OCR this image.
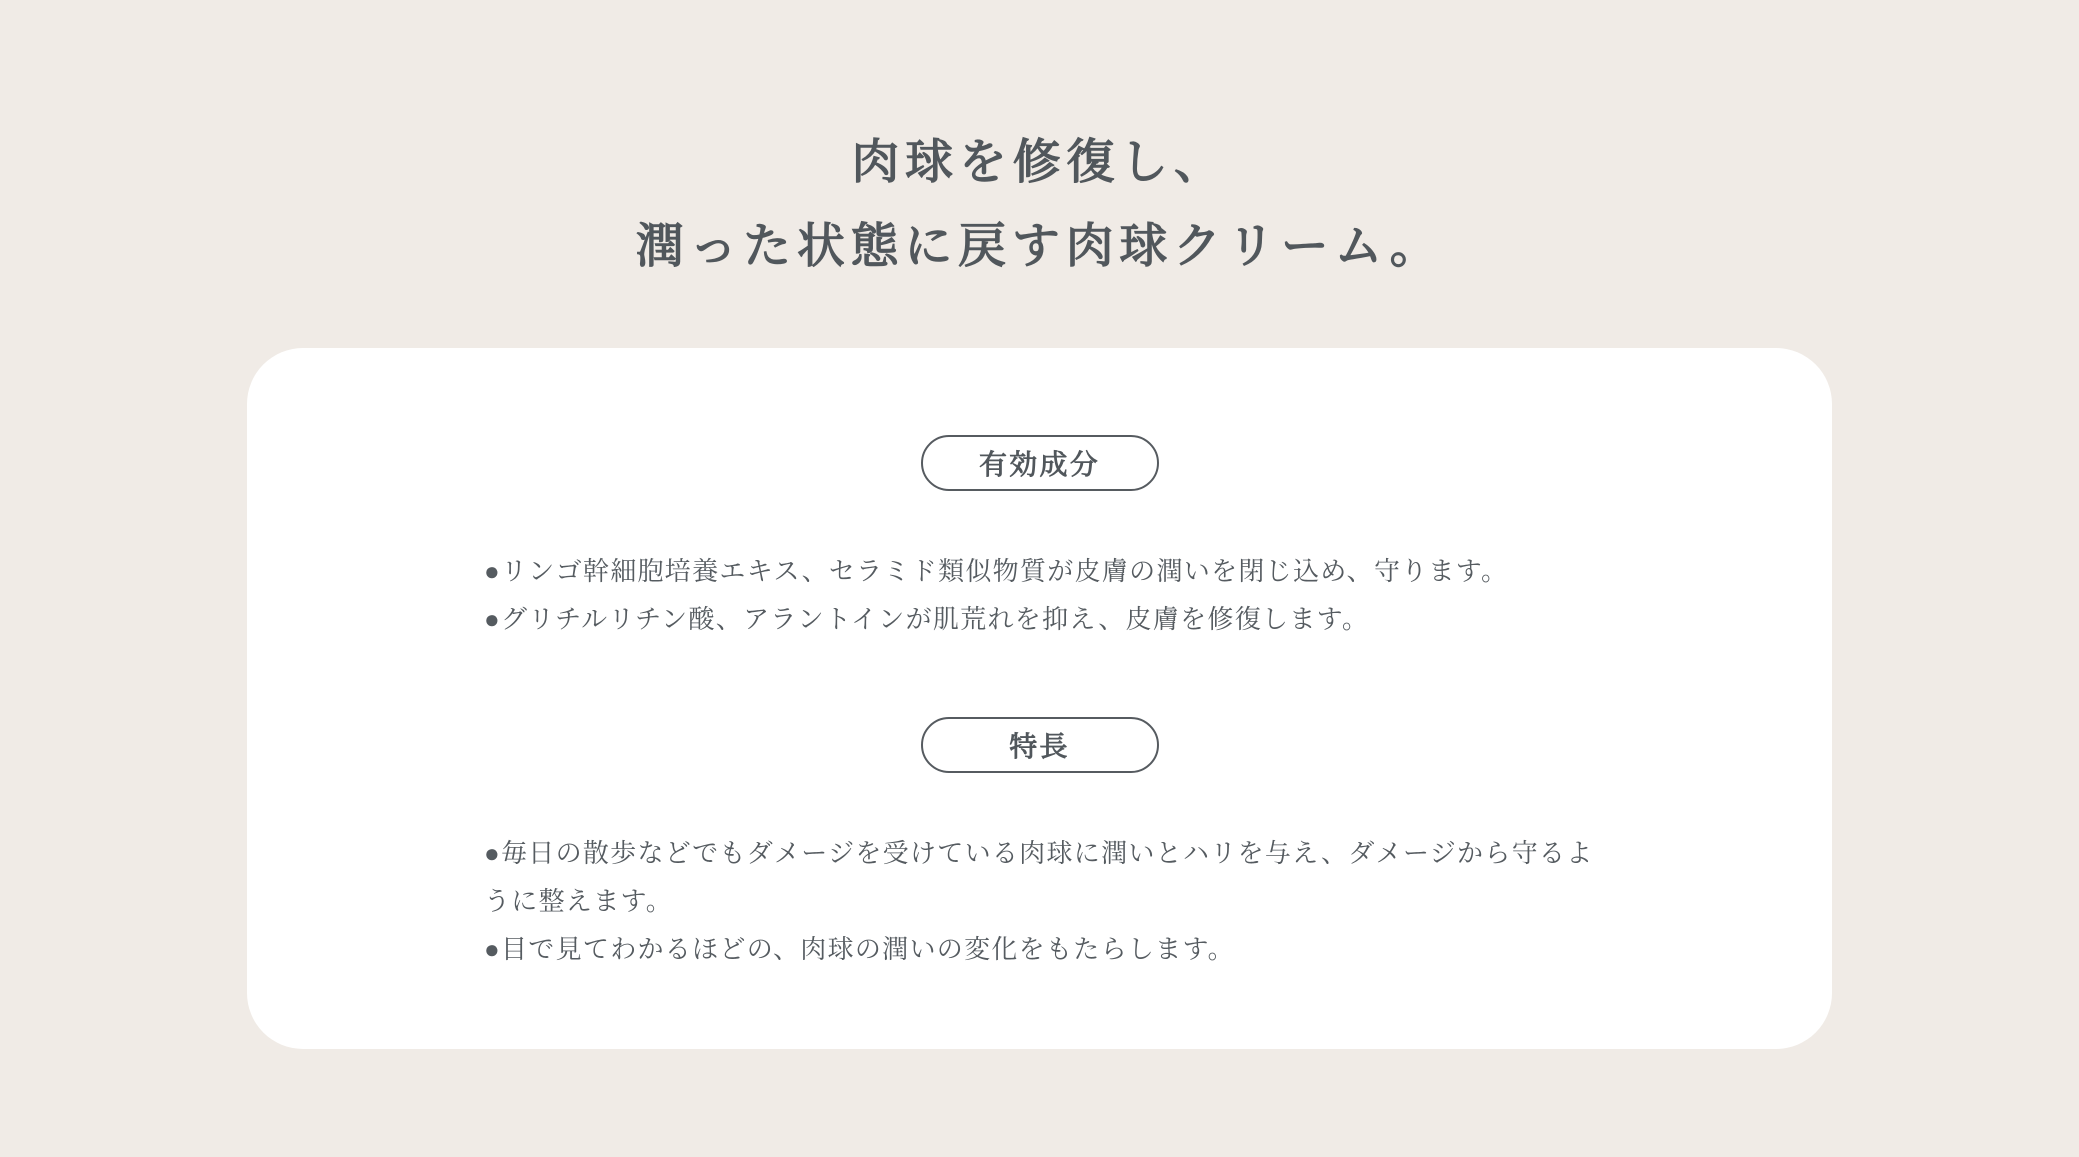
肉球を修復し、
潤った状態に戻す肉球クリーム。
有効成分

●リンゴ幹細胞培養エキス、セラミド類似物質が皮膚の潤いを閉じ込め、守ります。

●グリチルリチン酸、アラントインが肌荒れを抑え、皮膚を修復します。

特長

●毎日の散歩などでもダメージを受けている肉球に潤いとハリを与え、ダメージから守るように整えます。

●目で見てわかるほどの、肉球の潤いの変化をもたらします。
